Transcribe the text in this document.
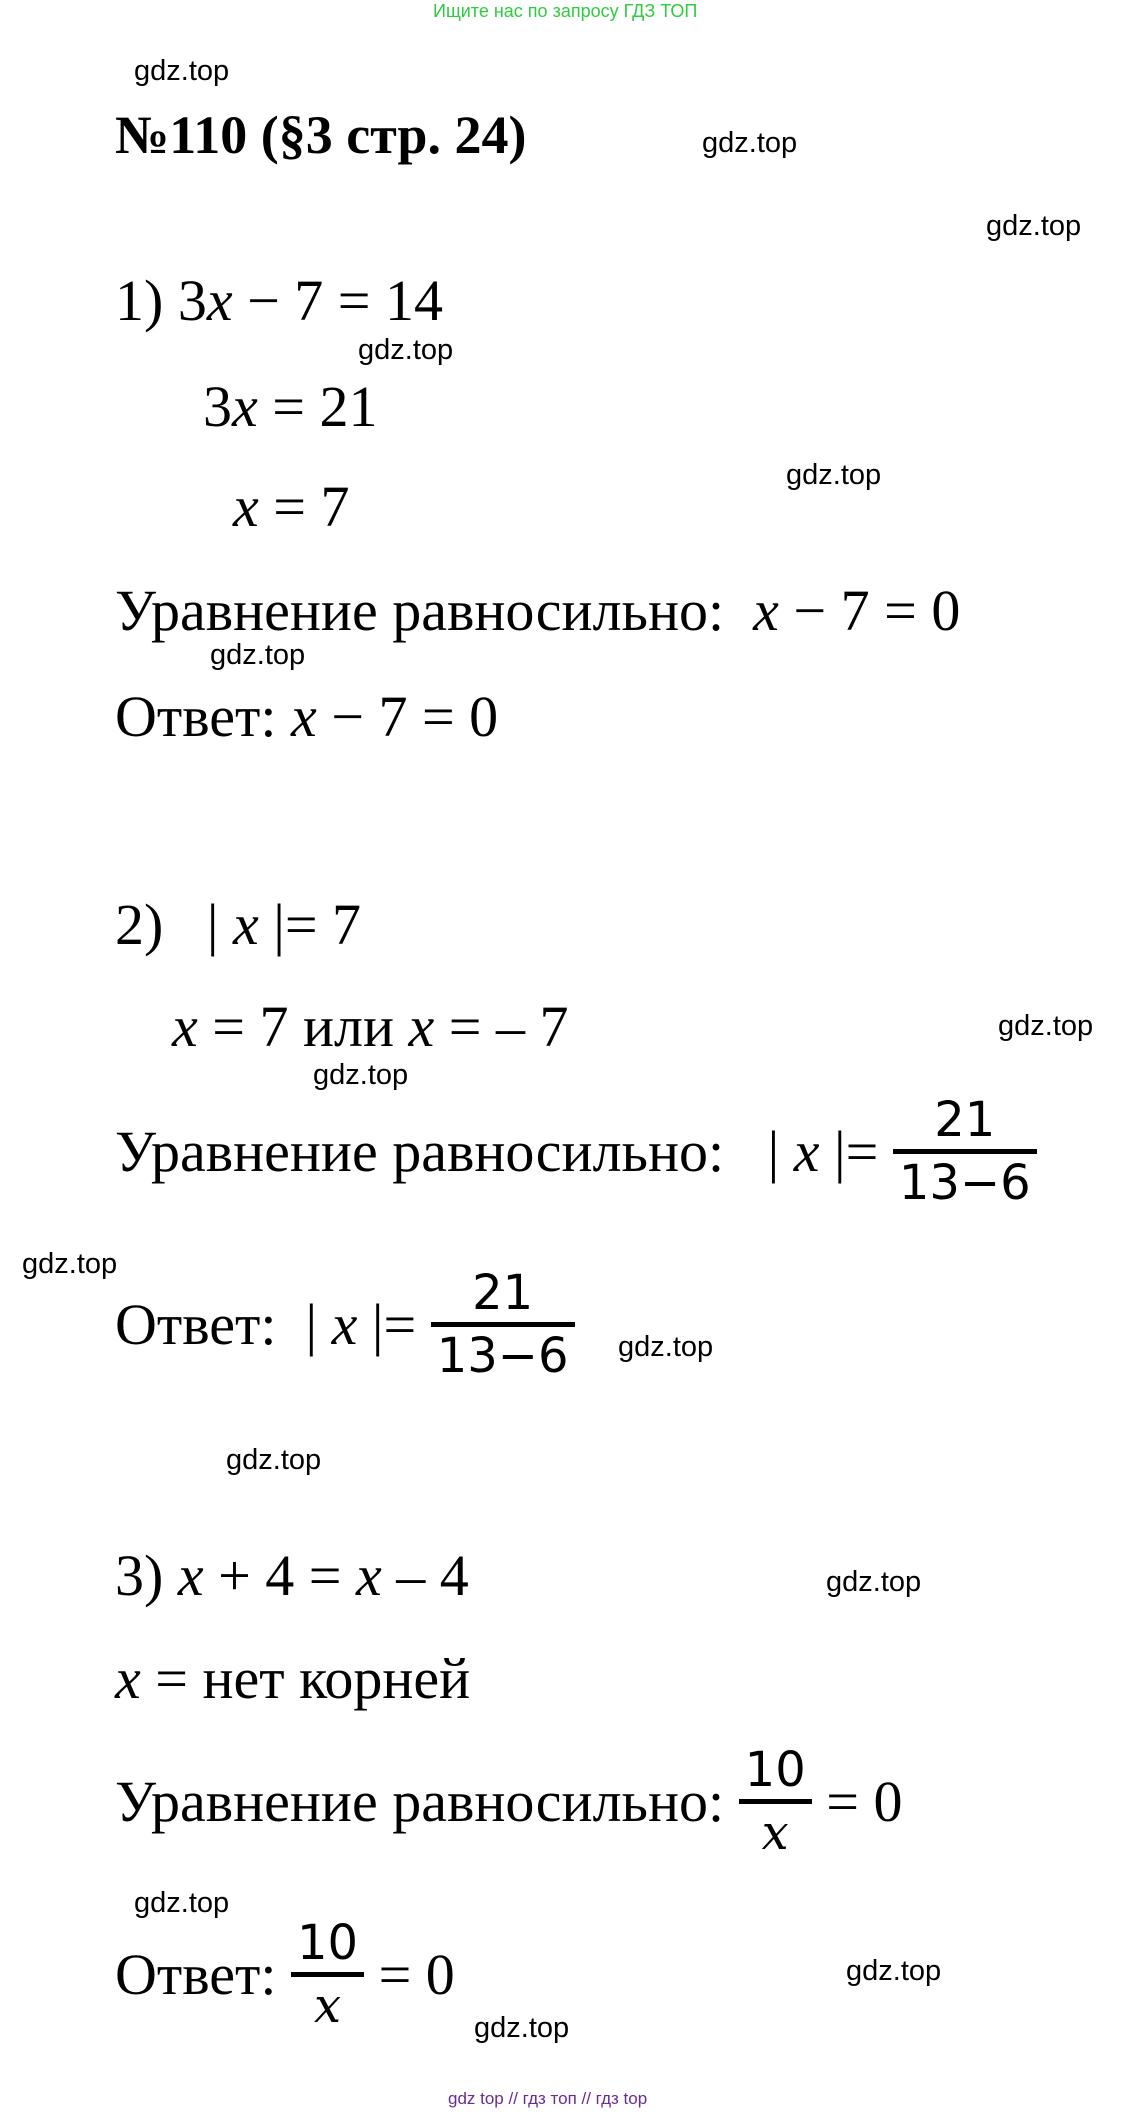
Ищите нас по запросу ГДЗ ТОП
№110 (§3 стр. 24)
1) 3x − 7 = 14
3x = 21
x = 7
Уравнение равносильно: x − 7 = 0
Ответ: x − 7 = 0
2) | x |= 7
x = 7 или x = – 7
Уравнение равносильно: | x |= 21
13−6
Ответ: | x |= 21
13−6
3) x + 4 = x – 4
x = нет корней
Уравнение равносильно: 10
x = 0
Ответ: 10
x = 0
gdz.top
gdz.top
gdz.top
gdz.top
gdz.top
gdz.top
gdz.top
gdz.top
gdz.top
gdz.top
gdz.top
gdz.top
gdz.top
gdz.top
gdz.top
gdz top // гдз топ // гдз top
